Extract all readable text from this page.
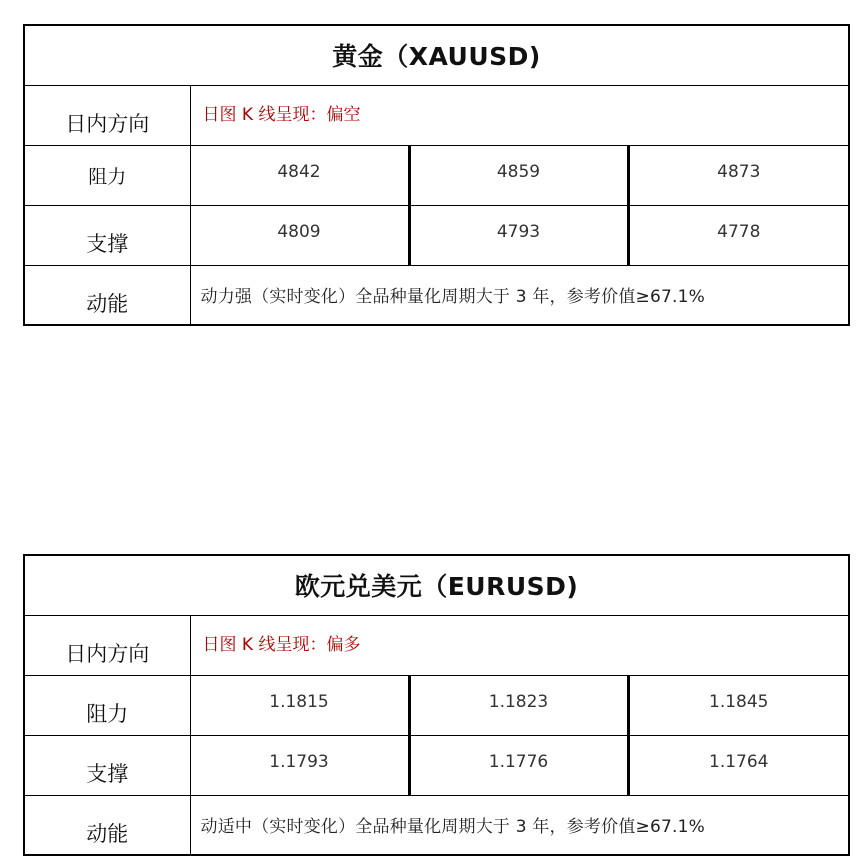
黄金（XAUUSD)			
日内方向	日图 K 线呈现：偏空		
阻力	4842	4859	4873
支撑	4809	4793	4778
动能	动力强（实时变化）全品种量化周期大于 3 年，参考价值≥67.1%		
欧元兑美元（EURUSD)			
日内方向	日图 K 线呈现：偏多		
阻力	1.1815	1.1823	1.1845
支撑	1.1793	1.1776	1.1764
动能	动适中（实时变化）全品种量化周期大于 3 年，参考价值≥67.1%		
